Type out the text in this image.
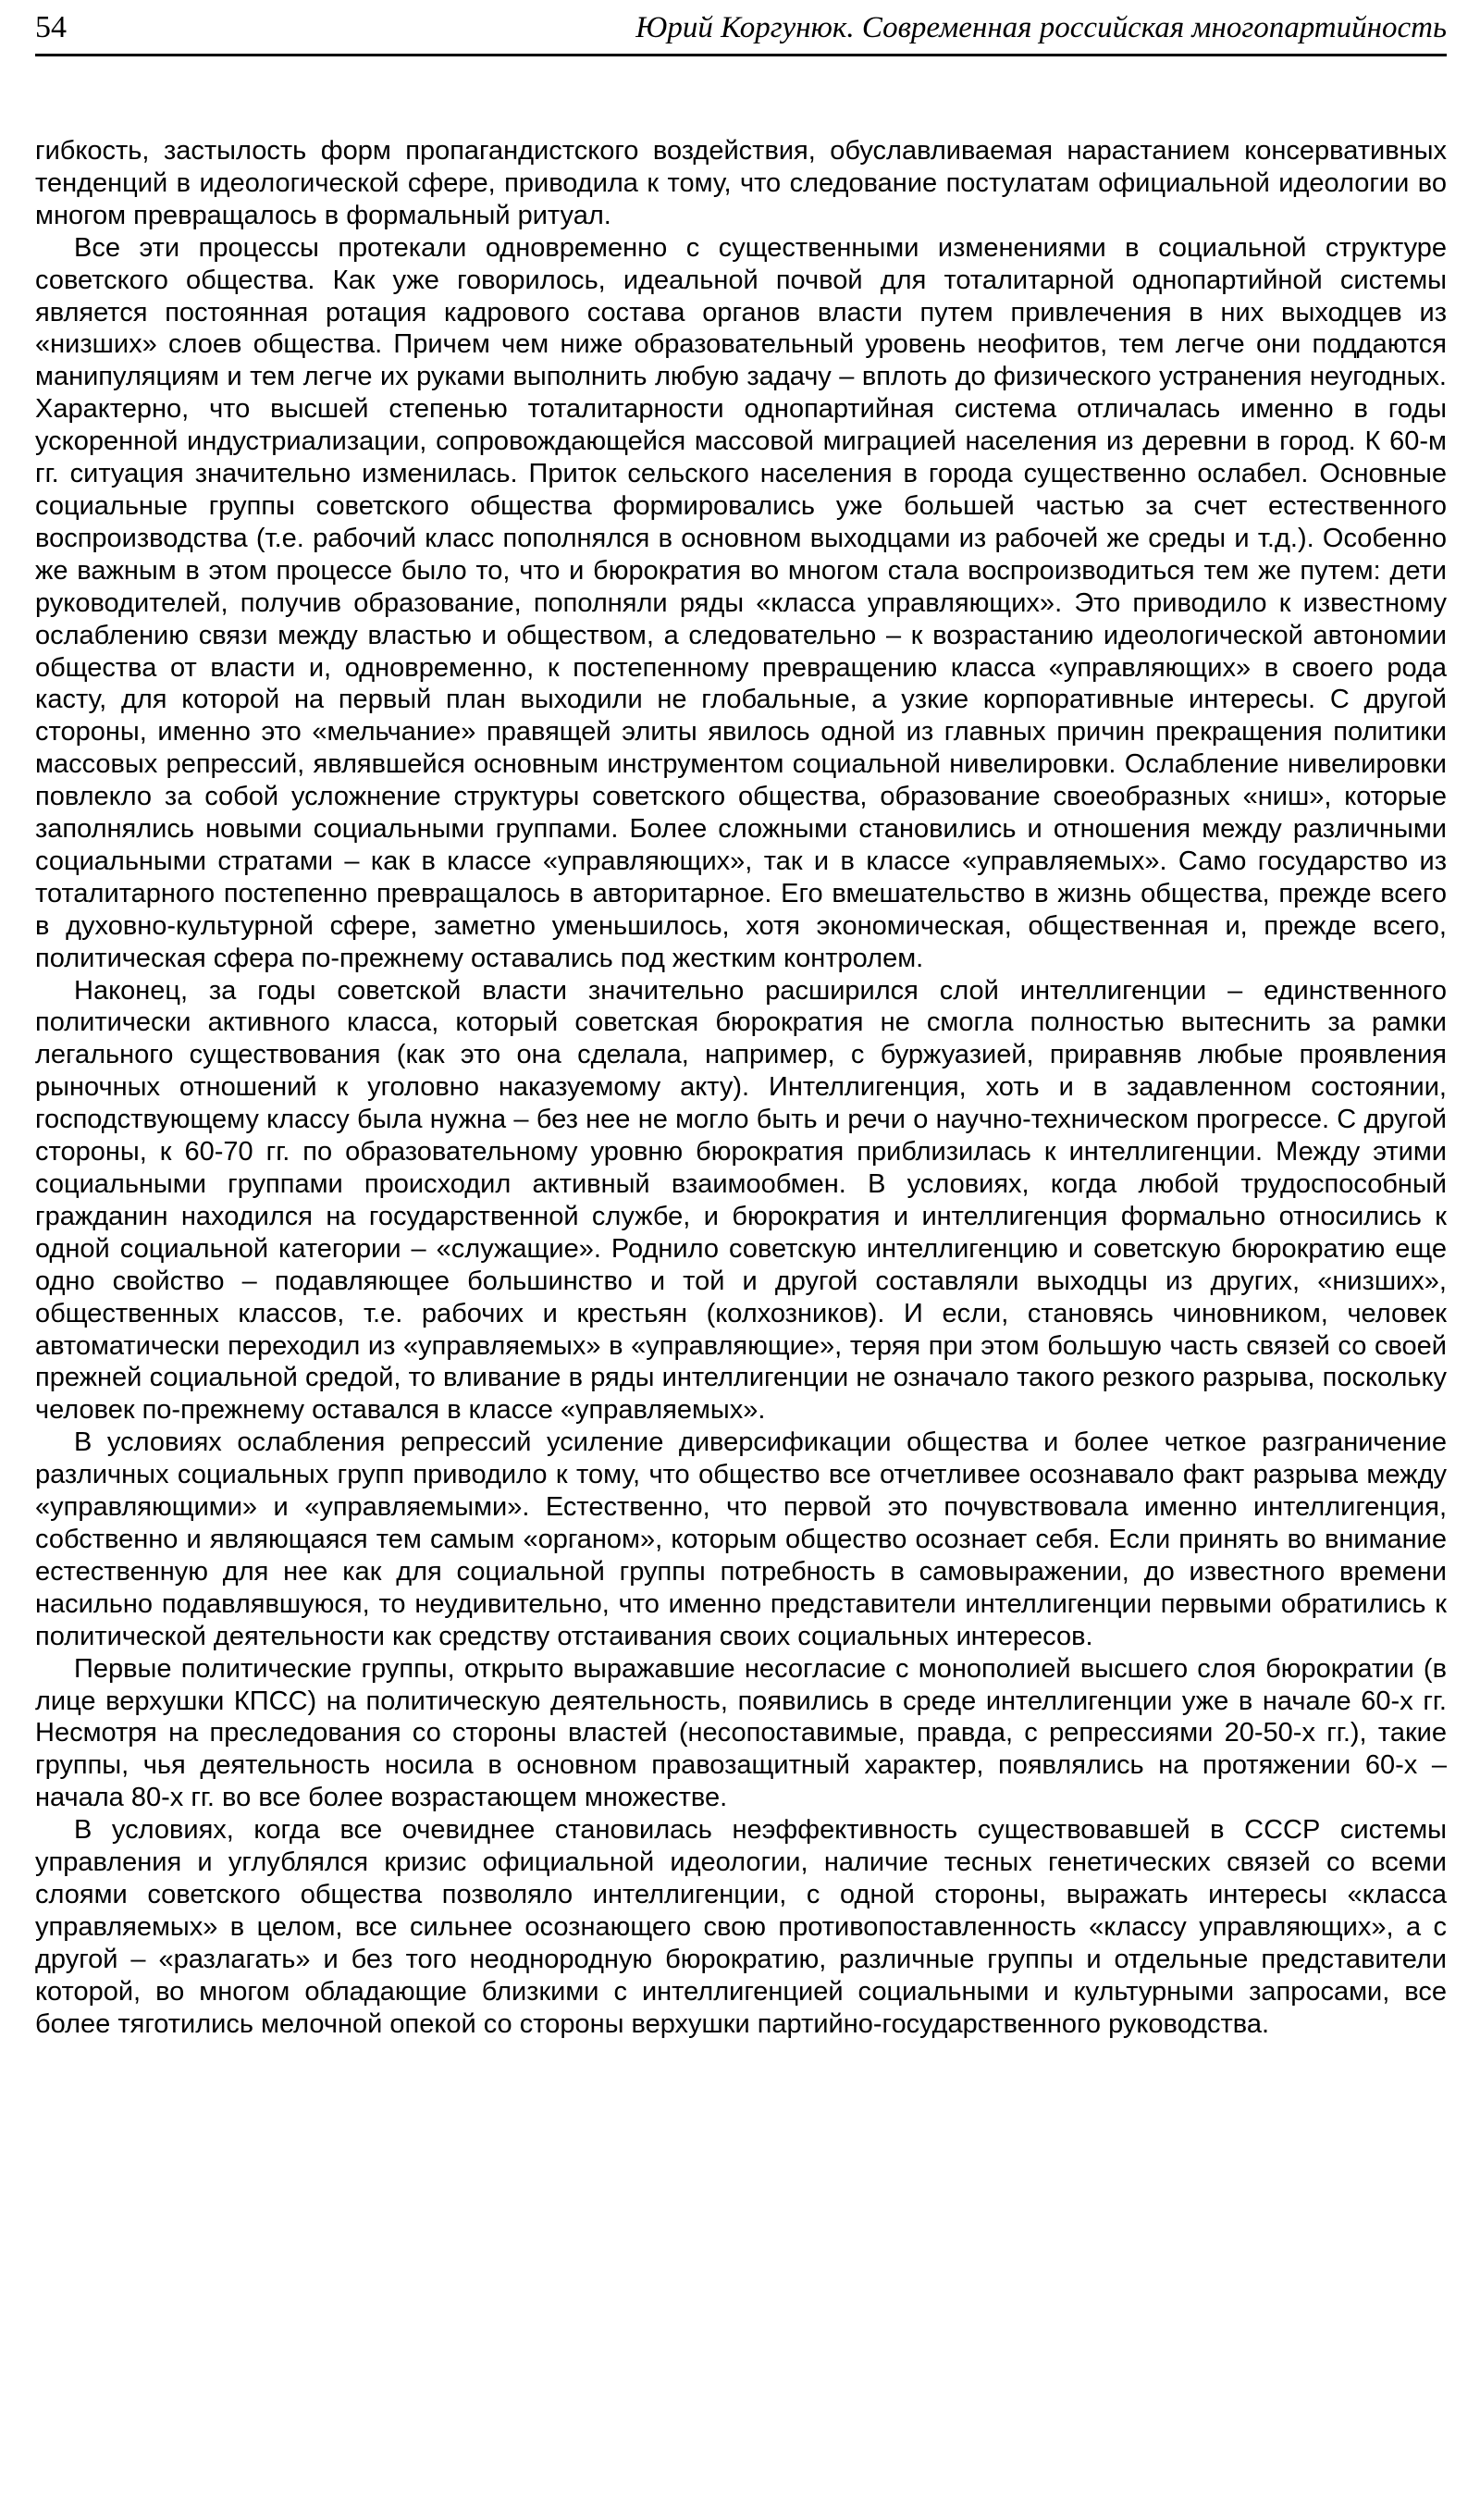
54	Юрий Коргунюк. Современная российская многопартийность

гибкость, застылость форм пропагандистского воздействия, обуславливаемая нарастанием консервативных тенденций в идеологической сфере, приводила к тому, что следование постулатам официальной идеологии во многом превращалось в формальный ритуал.

Все эти процессы протекали одновременно с существенными изменениями в социальной структуре советского общества. Как уже говорилось, идеальной почвой для тоталитарной однопартийной системы является постоянная ротация кадрового состава органов власти путем привлечения в них выходцев из «низших» слоев общества. Причем чем ниже образовательный уровень неофитов, тем легче они поддаются манипуляциям и тем легче их руками выполнить любую задачу – вплоть до физического устранения неугодных. Характерно, что высшей степенью тоталитарности однопартийная система отличалась именно в годы ускоренной индустриализации, сопровождающейся массовой миграцией населения из деревни в город. К 60-м гг. ситуация значительно изменилась. Приток сельского населения в города существенно ослабел. Основные социальные группы советского общества формировались уже большей частью за счет естественного воспроизводства (т.е. рабочий класс пополнялся в основном выходцами из рабочей же среды и т.д.). Особенно же важным в этом процессе было то, что и бюрократия во многом стала воспроизводиться тем же путем: дети руководителей, получив образование, пополняли ряды «класса управляющих». Это приводило к известному ослаблению связи между властью и обществом, а следовательно – к возрастанию идеологической автономии общества от власти и, одновременно, к постепенному превращению класса «управляющих» в своего рода касту, для которой на первый план выходили не глобальные, а узкие корпоративные интересы. С другой стороны, именно это «мельчание» правящей элиты явилось одной из главных причин прекращения политики массовых репрессий, являвшейся основным инструментом социальной нивелировки. Ослабление нивелировки повлекло за собой усложнение структуры советского общества, образование своеобразных «ниш», которые заполнялись новыми социальными группами. Более сложными становились и отношения между различными социальными стратами – как в классе «управляющих», так и в классе «управляемых». Само государство из тоталитарного постепенно превращалось в авторитарное. Его вмешательство в жизнь общества, прежде всего в духовно-культурной сфере, заметно уменьшилось, хотя экономическая, общественная и, прежде всего, политическая сфера по-прежнему оставались под жестким контролем.

Наконец, за годы советской власти значительно расширился слой интеллигенции – единственного политически активного класса, который советская бюрократия не смогла полностью вытеснить за рамки легального существования (как это она сделала, например, с буржуазией, приравняв любые проявления рыночных отношений к уголовно наказуемому акту). Интеллигенция, хоть и в задавленном состоянии, господствующему классу была нужна – без нее не могло быть и речи о научно-техническом прогрессе. С другой стороны, к 60-70 гг. по образовательному уровню бюрократия приблизилась к интеллигенции. Между этими социальными группами происходил активный взаимообмен. В условиях, когда любой трудоспособный гражданин находился на государственной службе, и бюрократия и интеллигенция формально относились к одной социальной категории – «служащие». Роднило советскую интеллигенцию и советскую бюрократию еще одно свойство – подавляющее большинство и той и другой составляли выходцы из других, «низших», общественных классов, т.е. рабочих и крестьян (колхозников). И если, становясь чиновником, человек автоматически переходил из «управляемых» в «управляющие», теряя при этом большую часть связей со своей прежней социальной средой, то вливание в ряды интеллигенции не означало такого резкого разрыва, поскольку человек по-прежнему оставался в классе «управляемых».

В условиях ослабления репрессий усиление диверсификации общества и более четкое разграничение различных социальных групп приводило к тому, что общество все отчетливее осознавало факт разрыва между «управляющими» и «управляемыми». Естественно, что первой это почувствовала именно интеллигенция, собственно и являющаяся тем самым «органом», которым общество осознает себя. Если принять во внимание естественную для нее как для социальной группы потребность в самовыражении, до известного времени насильно подавлявшуюся, то неудивительно, что именно представители интеллигенции первыми обратились к политической деятельности как средству отстаивания своих социальных интересов.

Первые политические группы, открыто выражавшие несогласие с монополией высшего слоя бюрократии (в лице верхушки КПСС) на политическую деятельность, появились в среде интеллигенции уже в начале 60-х гг. Несмотря на преследования со стороны властей (несопоставимые, правда, с репрессиями 20-50-х гг.), такие группы, чья деятельность носила в основном правозащитный характер, появлялись на протяжении 60-х – начала 80-х гг. во все более возрастающем множестве.

В условиях, когда все очевиднее становилась неэффективность существовавшей в СССР системы управления и углублялся кризис официальной идеологии, наличие тесных генетических связей со всеми слоями советского общества позволяло интеллигенции, с одной стороны, выражать интересы «класса управляемых» в целом, все сильнее осознающего свою противопоставленность «классу управляющих», а с другой – «разлагать» и без того неоднородную бюрократию, различные группы и отдельные представители которой, во многом обладающие близкими с интеллигенцией социальными и культурными запросами, все более тяготились мелочной опекой со стороны верхушки партийно-государственного руководства.
